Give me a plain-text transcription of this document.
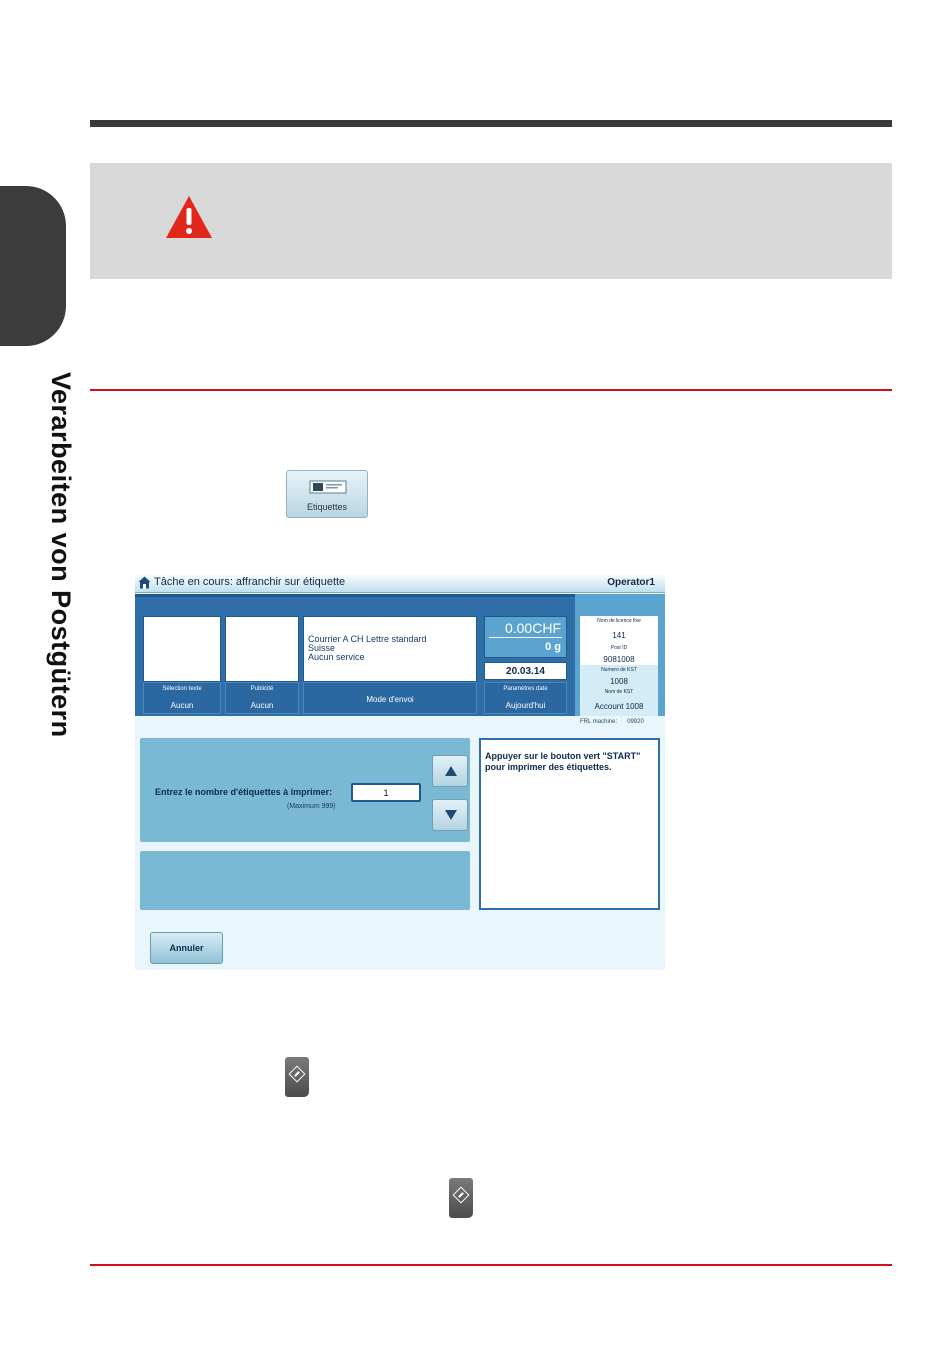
Verarbeiten von Postgütern	Etiquettes
Tâche en cours: affranchir sur étiquette	Operator1
Courrier A CH Lettre standard
Suisse
Aucun service
0.00CHF
0 g
20.03.14
Sélection texte
Aucun
Publicité
Aucun
Mode d'envoi
Paramètres date
Aujourd'hui
Nom de licence fixe
141
Post ID
9081008
Numero de KST
1008
Nom de KST
Account 1008
FRL machine: 09920
Entrez le nombre d'étiquettes à imprimer:
(Maximum 999)
1
Appuyer sur le bouton vert "START" pour imprimer des étiquettes.
Annuler
